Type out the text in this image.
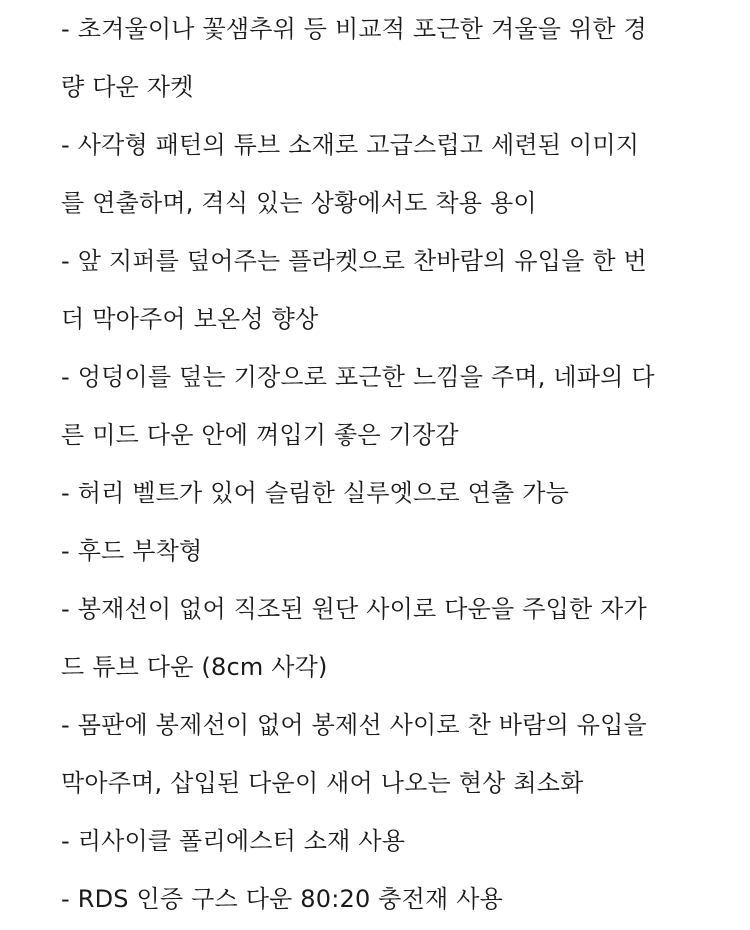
- 초겨울이나 꽃샘추위 등 비교적 포근한 겨울을 위한 경
량 다운 자켓
- 사각형 패턴의 튜브 소재로 고급스럽고 세련된 이미지
를 연출하며, 격식 있는 상황에서도 착용 용이
- 앞 지퍼를 덮어주는 플라켓으로 찬바람의 유입을 한 번
더 막아주어 보온성 향상
- 엉덩이를 덮는 기장으로 포근한 느낌을 주며, 네파의 다
른 미드 다운 안에 껴입기 좋은 기장감
- 허리 벨트가 있어 슬림한 실루엣으로 연출 가능
- 후드 부착형
- 봉재선이 없어 직조된 원단 사이로 다운을 주입한 자가
드 튜브 다운 (8cm 사각)
- 몸판에 봉제선이 없어 봉제선 사이로 찬 바람의 유입을
막아주며, 삽입된 다운이 새어 나오는 현상 최소화
- 리사이클 폴리에스터 소재 사용
- RDS 인증 구스 다운 80:20 충전재 사용
